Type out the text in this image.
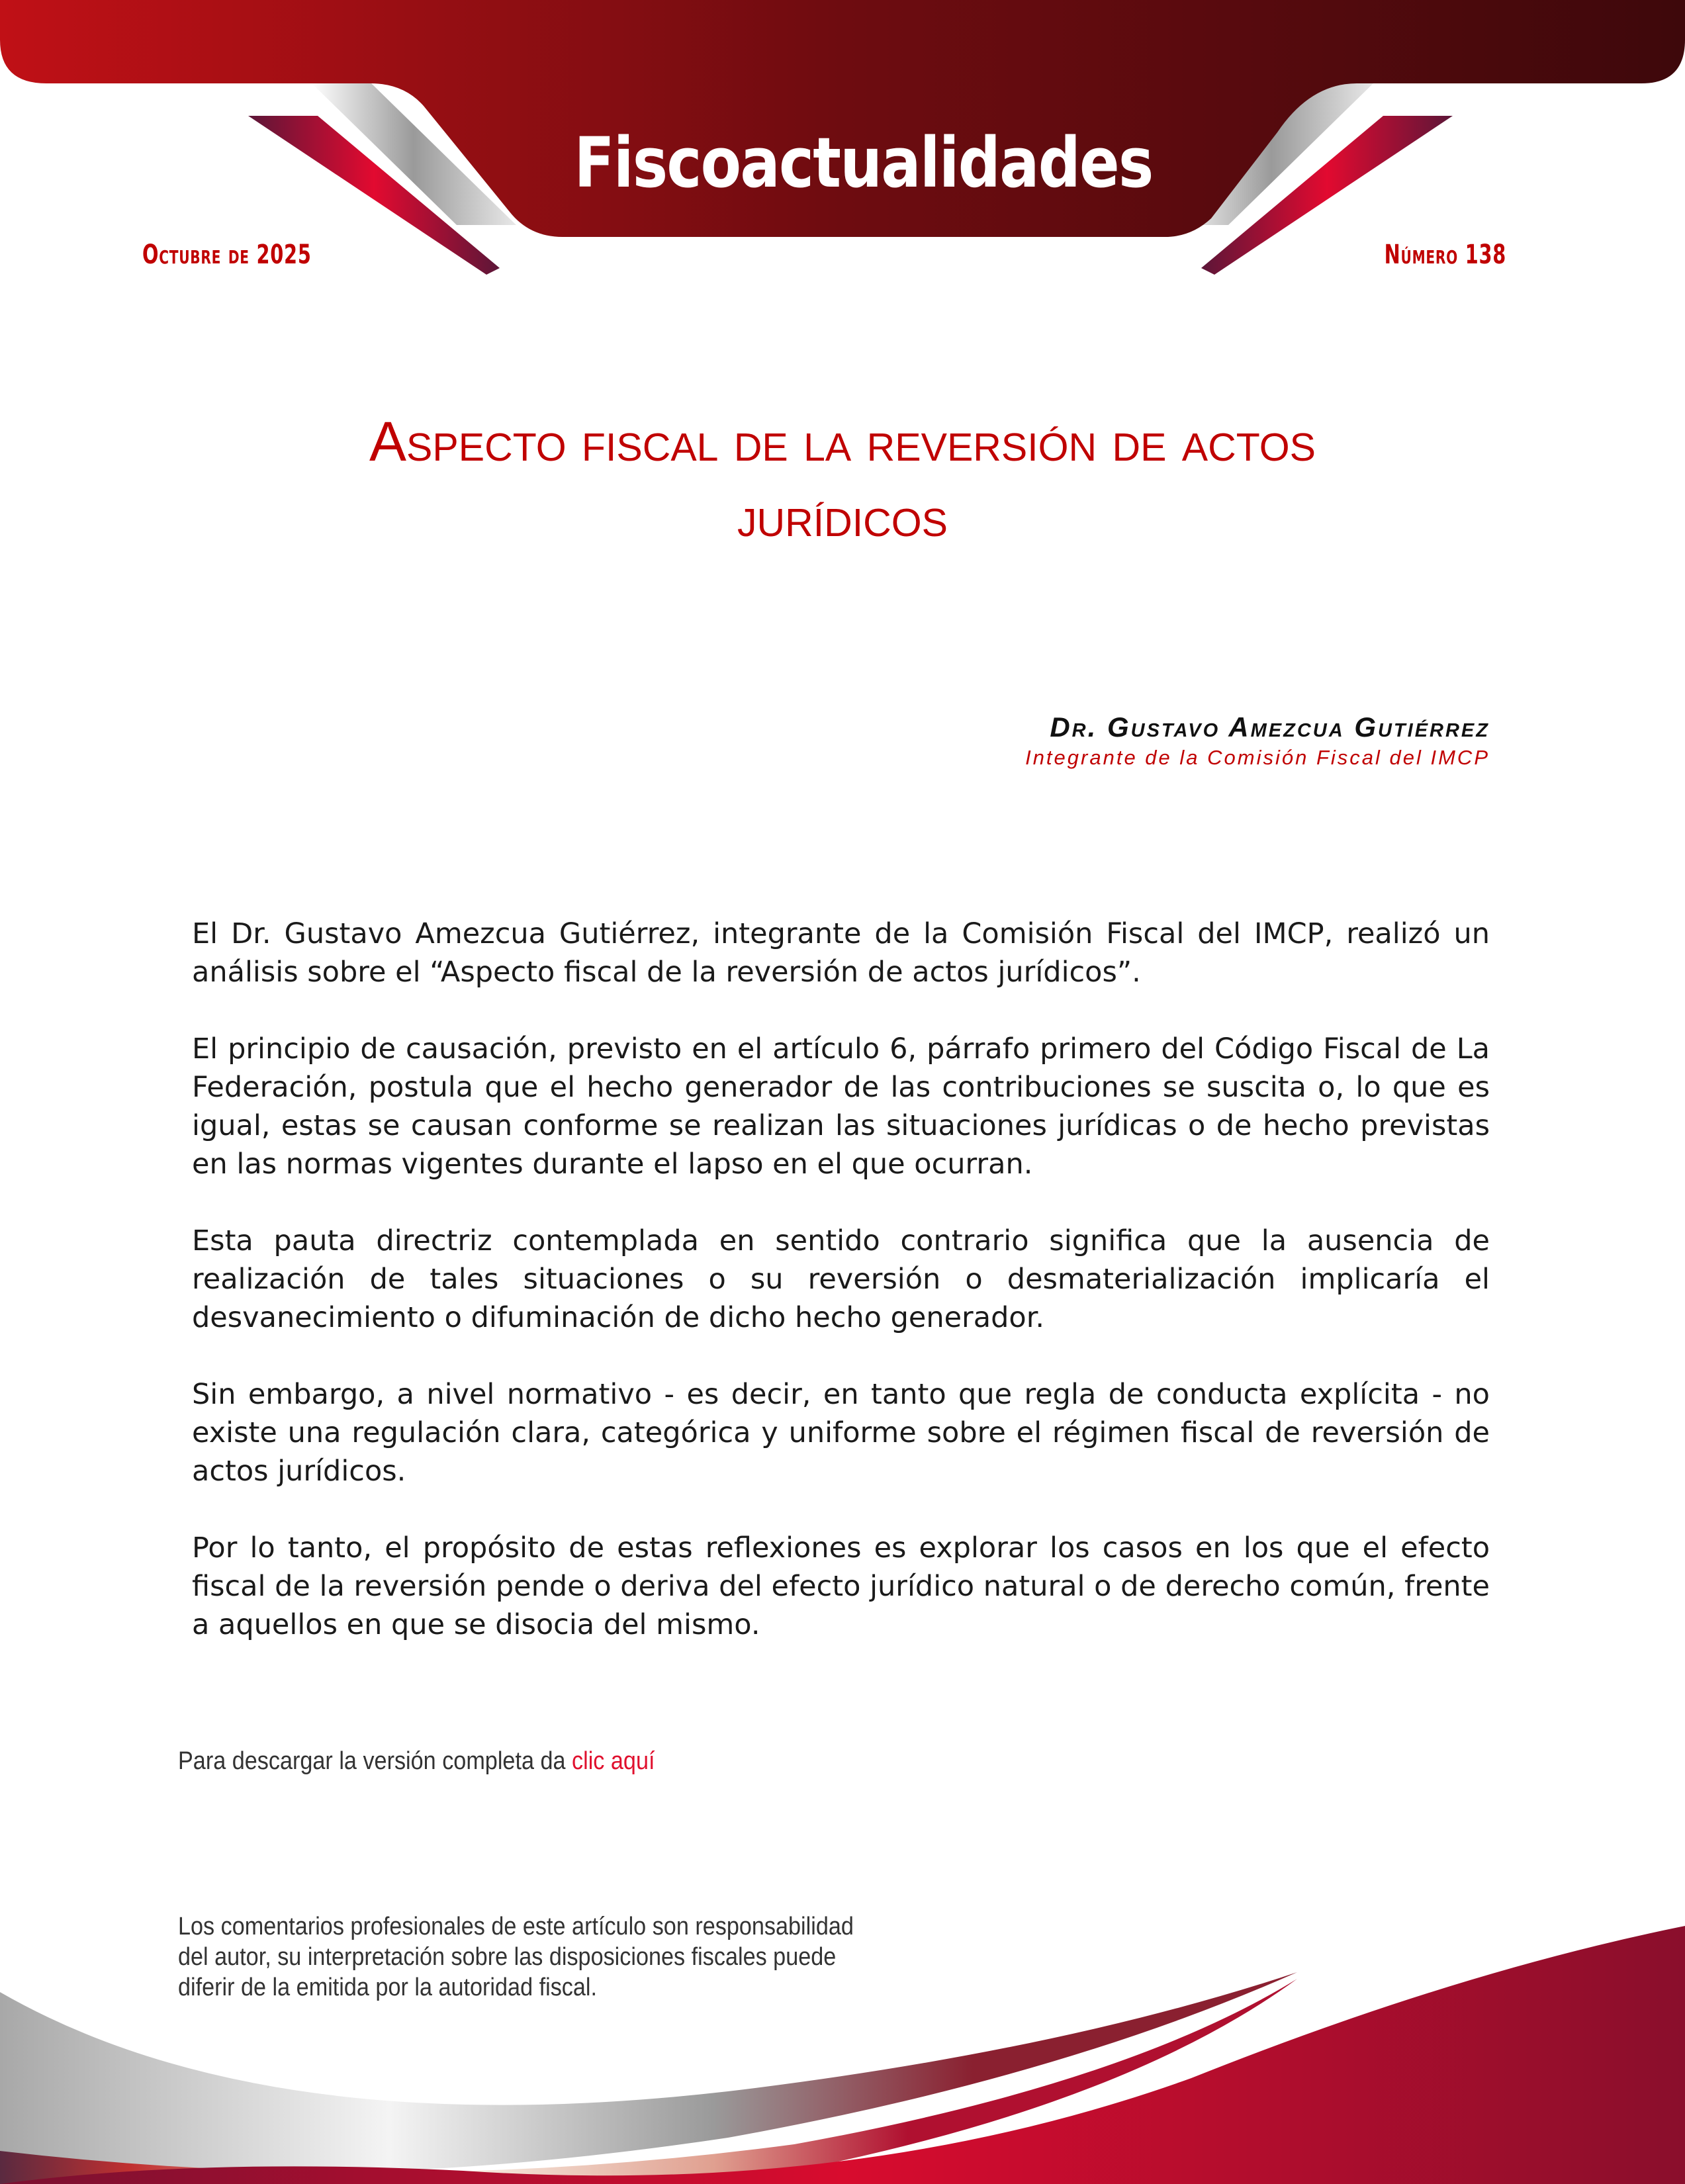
Fiscoactualidades
Octubre de 2025	Número 138
Aspecto fiscal de la reversión de actos
jurídicos
Dr. Gustavo Amezcua Gutiérrez
Integrante de la Comisión Fiscal del IMCP

El Dr. Gustavo Amezcua Gutiérrez, integrante de la Comisión Fiscal del IMCP, realizó un análisis sobre el “Aspecto fiscal de la reversión de actos jurídicos”.

El principio de causación, previsto en el artículo 6, párrafo primero del Código Fiscal de La Federación, postula que el hecho generador de las contribuciones se suscita o, lo que es igual, estas se causan conforme se realizan las situaciones jurídicas o de hecho previstas en las normas vigentes durante el lapso en el que ocurran.

Esta pauta directriz contemplada en sentido contrario significa que la ausencia de realización de tales situaciones o su reversión o desmaterialización implicaría el desvanecimiento o difuminación de dicho hecho generador.

Sin embargo, a nivel normativo - es decir, en tanto que regla de conducta explícita - no existe una regulación clara, categórica y uniforme sobre el régimen fiscal de reversión de actos jurídicos.

Por lo tanto, el propósito de estas reflexiones es explorar los casos en los que el efecto fiscal de la reversión pende o deriva del efecto jurídico natural o de derecho común, frente a aquellos en que se disocia del mismo.

Para descargar la versión completa da clic aquí
Los comentarios profesionales de este artículo son responsabilidad
del autor, su interpretación sobre las disposiciones fiscales puede
diferir de la emitida por la autoridad fiscal.
